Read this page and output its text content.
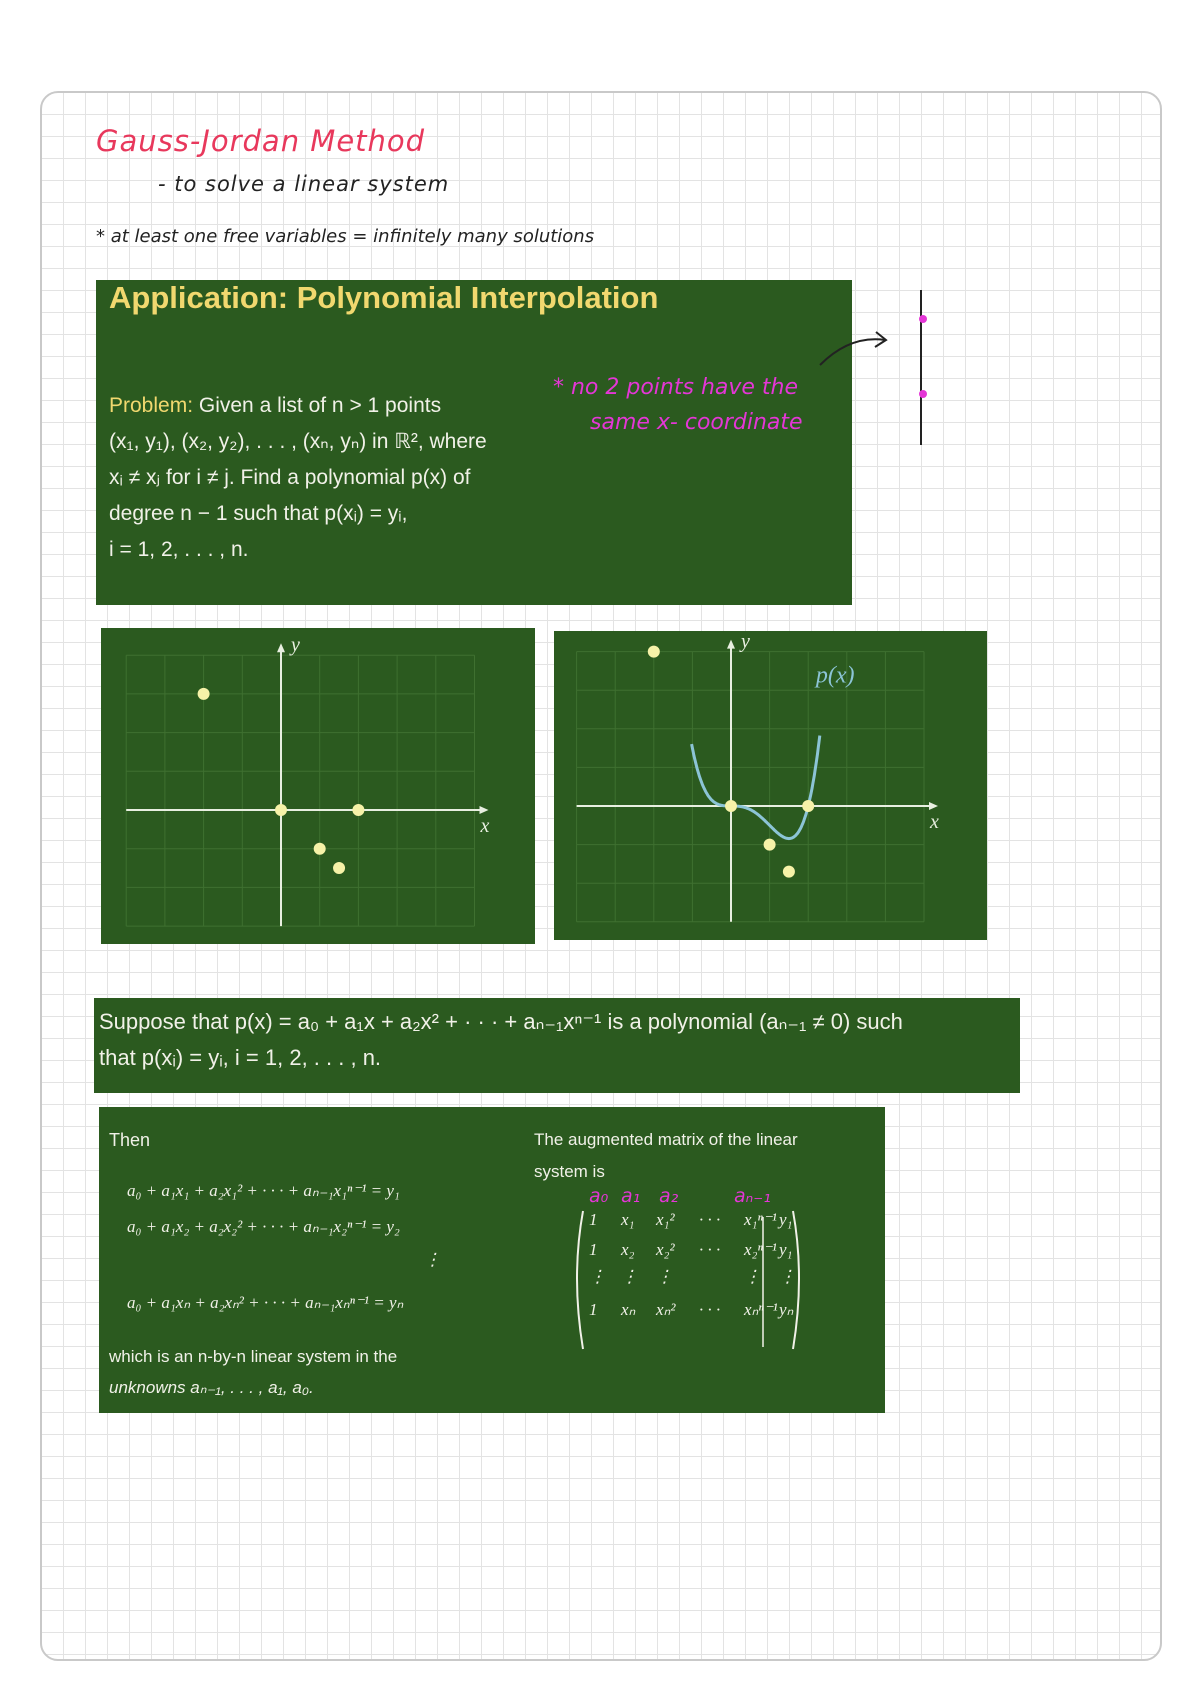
Gauss-Jordan Method
- to solve a linear system
* at least one free variables = infinitely many solutions
Application: Polynomial Interpolation
Problem: Given a list of n > 1 points
(x₁, y₁), (x₂, y₂), . . . , (xₙ, yₙ) in ℝ², where
xᵢ ≠ xⱼ for i ≠ j. Find a polynomial p(x) of
degree n − 1 such that p(xᵢ) = yᵢ,
i = 1, 2, . . . , n.
* no 2 points have the
same x- coordinate
x
y
x
y
p(x)
Suppose that p(x) = a₀ + a₁x + a₂x² + · · · + aₙ₋₁xⁿ⁻¹ is a polynomial (aₙ₋₁ ≠ 0) such
that p(xᵢ) = yᵢ, i = 1, 2, . . . , n.
Then
a₀ + a₁x₁ + a₂x₁² + · · · + aₙ₋₁x₁ⁿ⁻¹ = y₁
a₀ + a₁x₂ + a₂x₂² + · · · + aₙ₋₁x₂ⁿ⁻¹ = y₂
⋮
a₀ + a₁xₙ + a₂xₙ² + · · · + aₙ₋₁xₙⁿ⁻¹ = yₙ
which is an n-by-n linear system in the
unknowns aₙ₋₁, . . . , a₁, a₀.
The augmented matrix of the linear
system is
a₀ a₁ a₂	aₙ₋₁
1 x₁ x₁² · · · x₁ⁿ⁻¹ y₁
1 x₂ x₂² · · · x₂ⁿ⁻¹ y₁
⋮ ⋮ ⋮	⋮ ⋮
1 xₙ xₙ² · · · xₙⁿ⁻¹ yₙ
